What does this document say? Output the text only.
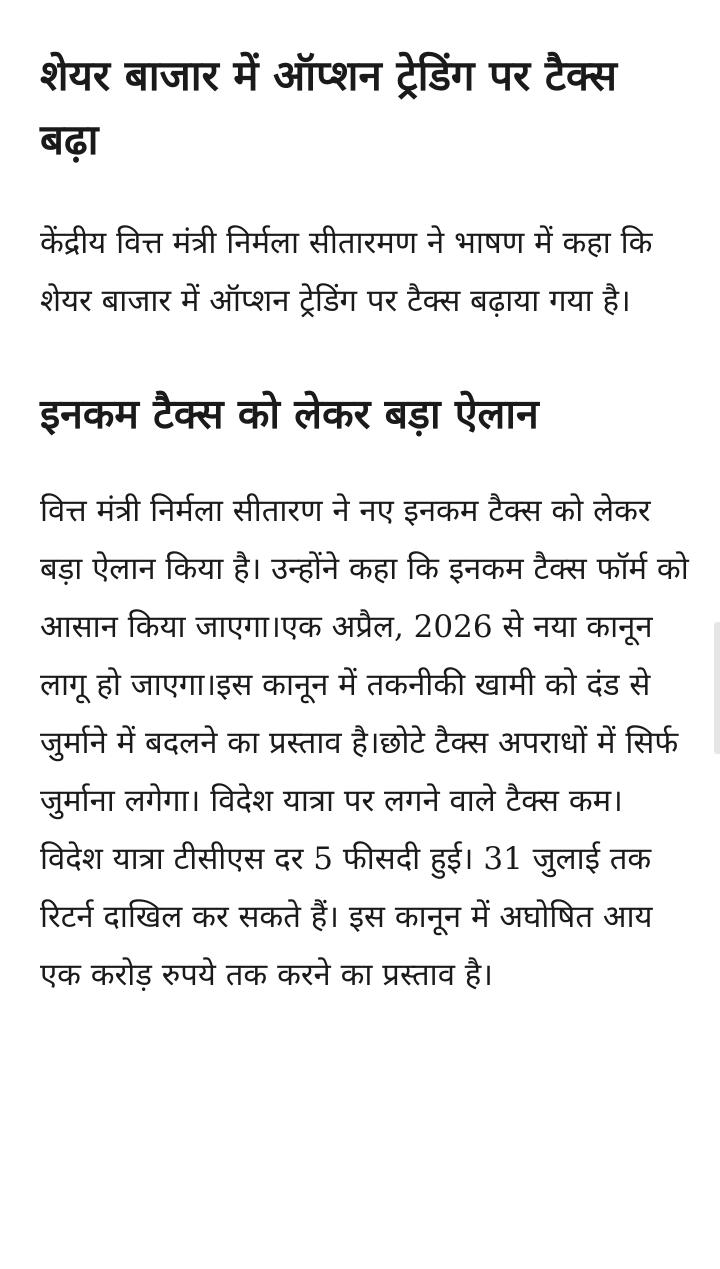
शेयर बाजार में ऑप्शन ट्रेडिंग पर टैक्स बढ़ा

केंद्रीय वित्त मंत्री निर्मला सीतारमण ने भाषण में कहा कि शेयर बाजार में ऑप्शन ट्रेडिंग पर टैक्स बढ़ाया गया है।

इनकम टैक्स को लेकर बड़ा ऐलान

वित्त मंत्री निर्मला सीतारण ने नए इनकम टैक्स को लेकर बड़ा ऐलान किया है। उन्होंने कहा कि इनकम टैक्स फॉर्म को आसान किया जाएगा।एक अप्रैल, 2026 से नया कानून लागू हो जाएगा।इस कानून में तकनीकी खामी को दंड से जुर्माने में बदलने का प्रस्ताव है।छोटे टैक्स अपराधों में सिर्फ जुर्माना लगेगा। विदेश यात्रा पर लगने वाले टैक्स कम। विदेश यात्रा टीसीएस दर 5 फीसदी हुई। 31 जुलाई तक रिटर्न दाखिल कर सकते हैं। इस कानून में अघोषित आय एक करोड़ रुपये तक करने का प्रस्ताव है।
